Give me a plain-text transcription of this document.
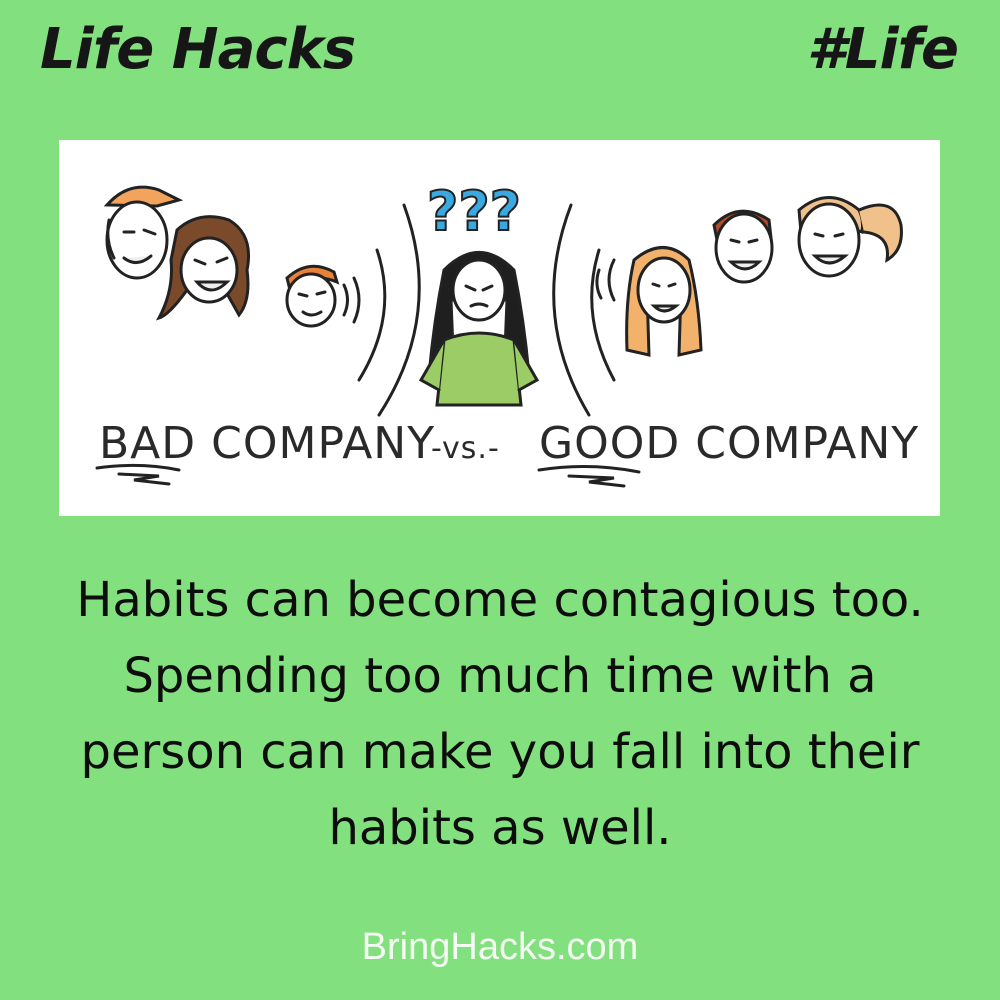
Life Hacks	#Life
???
BAD COMPANY
-vs.- GOOD COMPANY
Habits can become contagious too. Spending too much time with a person can make you fall into their habits as well.
BringHacks.com
